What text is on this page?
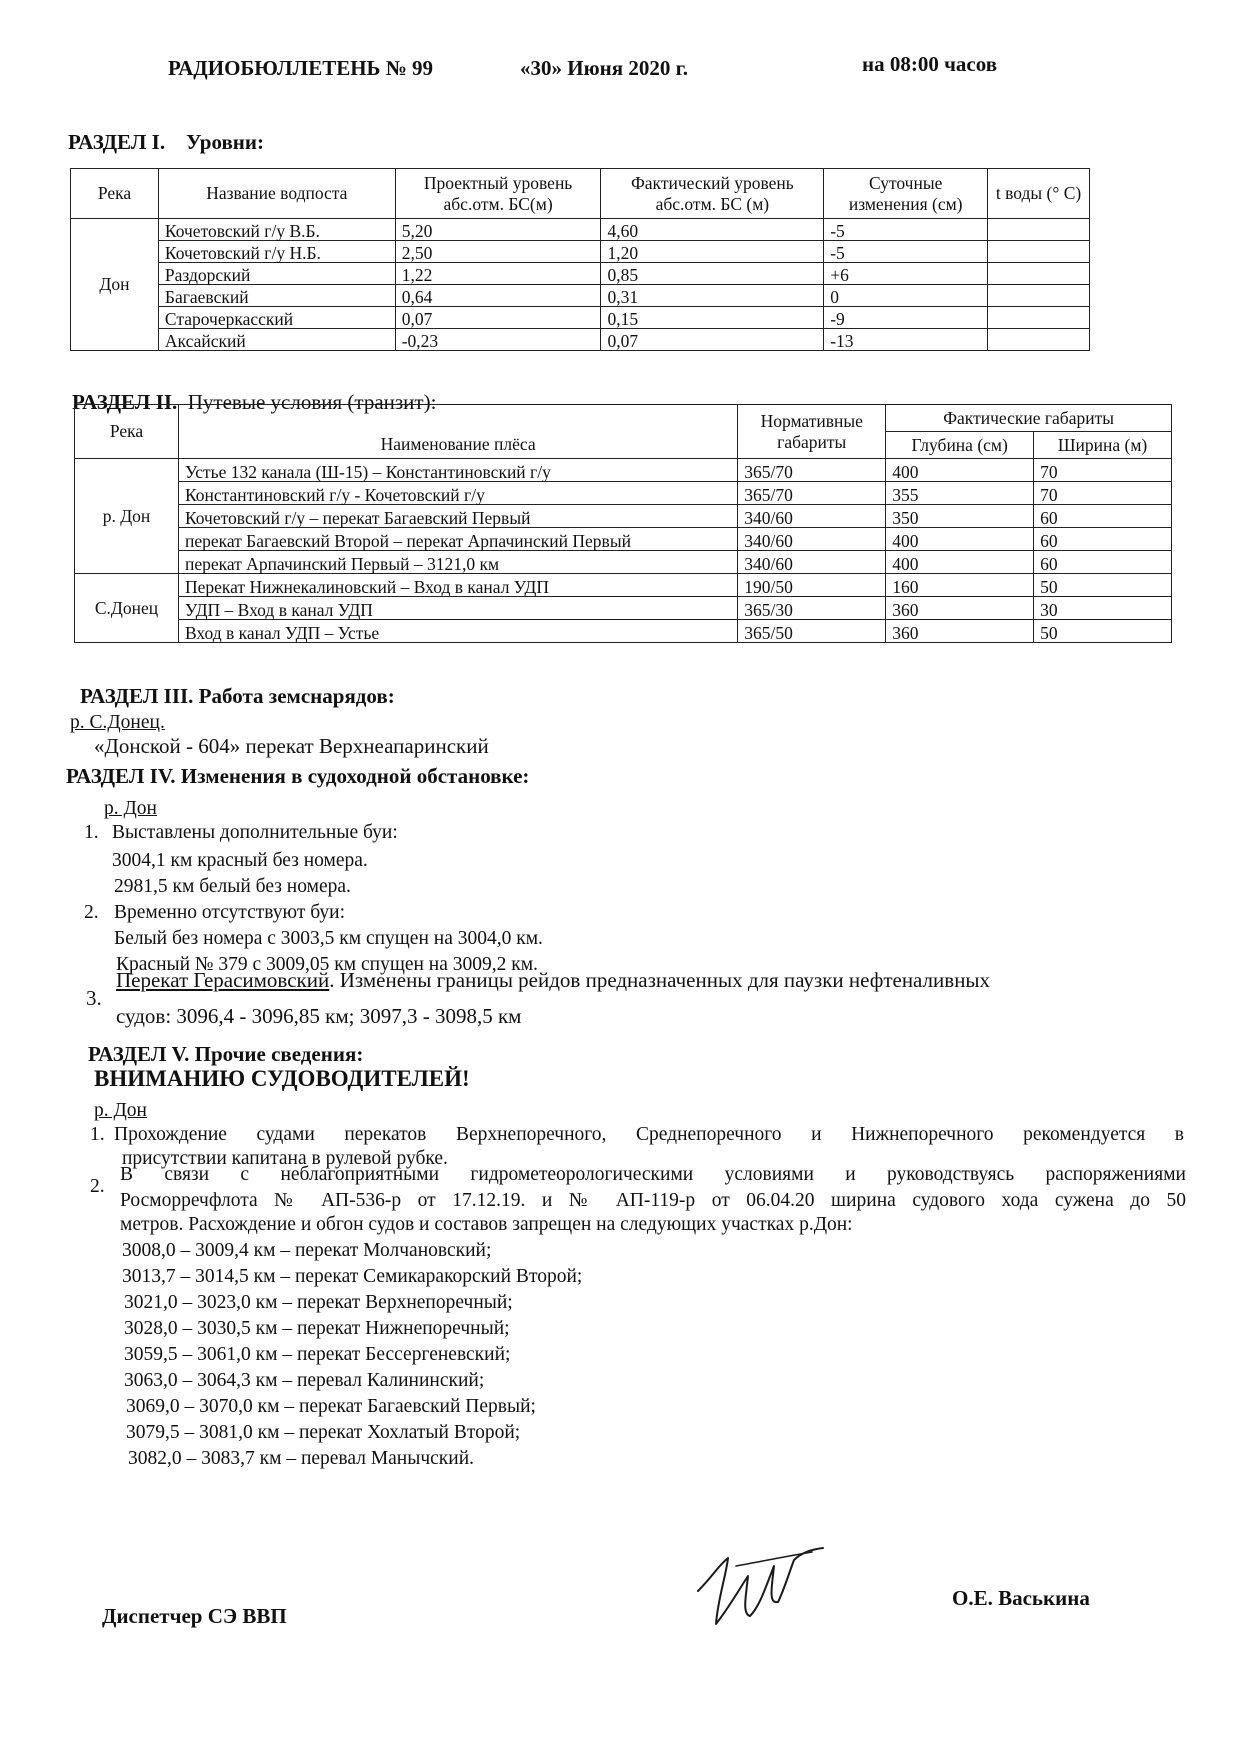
РАДИОБЮЛЛЕТЕНЬ № 99	«30» Июня 2020 г.	на 08:00 часов
РАЗДЕЛ I. Уровни:
Река	Название водпоста	Проектный уровень абс.отм. БС(м)	Фактический уровень абс.отм. БС (м)	Суточные изменения (см)	t воды (° С)
Дон	Кочетовский г/у В.Б.	5,20	4,60	-5	
	Кочетовский г/у Н.Б.	2,50	1,20	-5	
	Раздорский	1,22	0,85	+6	
	Багаевский	0,64	0,31	0	
	Старочеркасский	0,07	0,15	-9	
	Аксайский	-0,23	0,07	-13	
РАЗДЕЛ II. Путевые условия (транзит):
Река	Наименование плёса	Нормативные габариты	Фактические габариты	
			Глубина (см)	Ширина (м)
р. Дон	Устье 132 канала (Ш-15) – Константиновский г/у	365/70	400	70
	Константиновский г/у - Кочетовский г/у	365/70	355	70
	Кочетовский г/у – перекат Багаевский Первый	340/60	350	60
	перекат Багаевский Второй – перекат Арпачинский Первый	340/60	400	60
	перекат Арпачинский Первый – 3121,0 км	340/60	400	60
С.Донец	Перекат Нижнекалиновский – Вход в канал УДП	190/50	160	50
	УДП – Вход в канал УДП	365/30	360	30
	Вход в канал УДП – Устье	365/50	360	50
РАЗДЕЛ III. Работа земснарядов:
р. С.Донец.
«Донской - 604» перекат Верхнеапаринский
РАЗДЕЛ IV. Изменения в судоходной обстановке:
р. Дон
1. Выставлены дополнительные буи:
3004,1 км красный без номера.
2981,5 км белый без номера.
2. Временно отсутствуют буи:
Белый без номера с 3003,5 км спущен на 3004,0 км.
Красный № 379 с 3009,05 км спущен на 3009,2 км.
3.
Перекат Герасимовский. Изменены границы рейдов предназначенных для паузки нефтеналивных
судов: 3096,4 - 3096,85 км; 3097,3 - 3098,5 км
РАЗДЕЛ V. Прочие сведения:
ВНИМАНИЮ СУДОВОДИТЕЛЕЙ!
р. Дон
1. Прохождение судами перекатов Верхнепоречного, Среднепоречного и Нижнепоречного рекомендуется в
присутствии капитана в рулевой рубке.
2.
В связи с неблагоприятными гидрометеорологическими условиями и руководствуясь распоряжениями
Росморречфлота № АП-536-р от 17.12.19. и № АП-119-р от 06.04.20 ширина судового хода сужена до 50
метров. Расхождение и обгон судов и составов запрещен на следующих участках р.Дон:
3008,0 – 3009,4 км – перекат Молчановский;
3013,7 – 3014,5 км – перекат Семикаракорский Второй;
3021,0 – 3023,0 км – перекат Верхнепоречный;
3028,0 – 3030,5 км – перекат Нижнепоречный;
3059,5 – 3061,0 км – перекат Бессергеневский;
3063,0 – 3064,3 км – перевал Калининский;
3069,0 – 3070,0 км – перекат Багаевский Первый;
3079,5 – 3081,0 км – перекат Хохлатый Второй;
3082,0 – 3083,7 км – перевал Манычский.
Диспетчер СЭ ВВП
О.Е. Васькина
